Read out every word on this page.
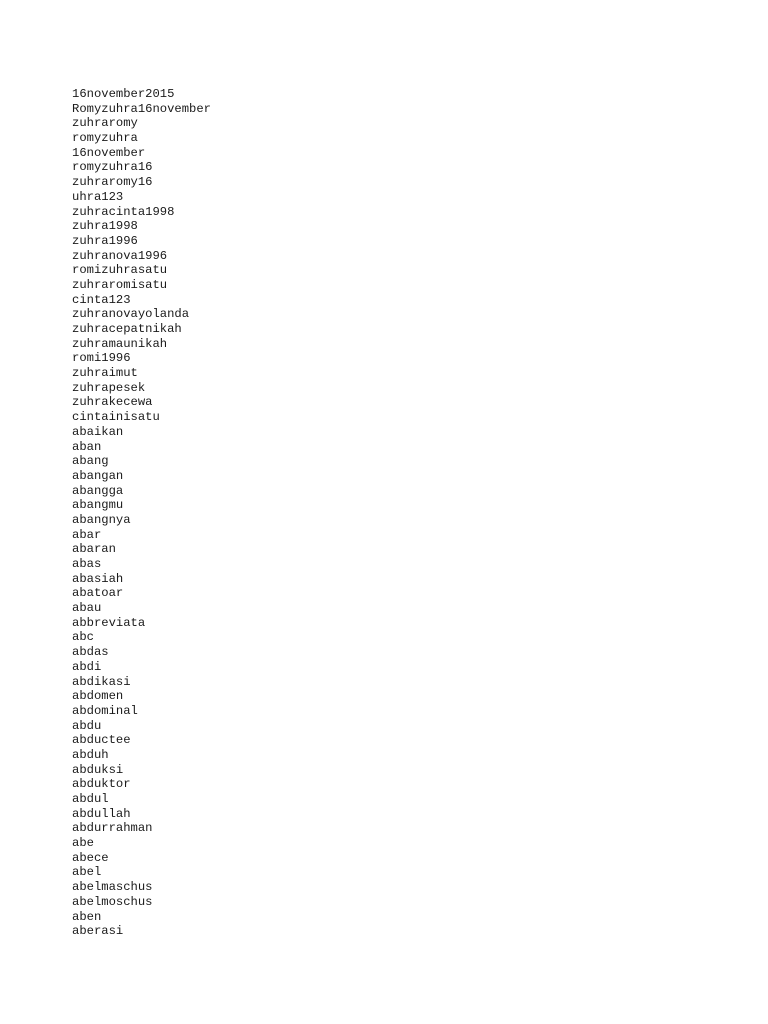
16november2015
Romyzuhra16november
zuhraromy
romyzuhra
16november
romyzuhra16
zuhraromy16
uhra123
zuhracinta1998
zuhra1998
zuhra1996
zuhranova1996
romizuhrasatu
zuhraromisatu
cinta123
zuhranovayolanda
zuhracepatnikah
zuhramaunikah
romi1996
zuhraimut
zuhrapesek
zuhrakecewa
cintainisatu
abaikan
aban
abang
abangan
abangga
abangmu
abangnya
abar
abaran
abas
abasiah
abatoar
abau
abbreviata
abc
abdas
abdi
abdikasi
abdomen
abdominal
abdu
abductee
abduh
abduksi
abduktor
abdul
abdullah
abdurrahman
abe
abece
abel
abelmaschus
abelmoschus
aben
aberasi
